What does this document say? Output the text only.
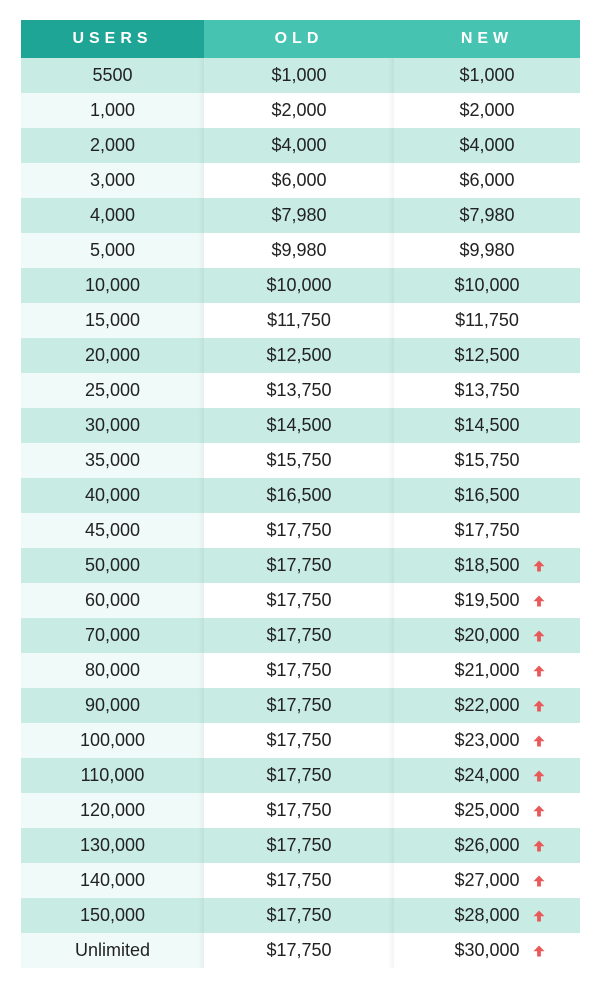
USERS	OLD	NEW
5500	$1,000	$1,000
1,000	$2,000	$2,000
2,000	$4,000	$4,000
3,000	$6,000	$6,000
4,000	$7,980	$7,980
5,000	$9,980	$9,980
10,000	$10,000	$10,000
15,000	$11,750	$11,750
20,000	$12,500	$12,500
25,000	$13,750	$13,750
30,000	$14,500	$14,500
35,000	$15,750	$15,750
40,000	$16,500	$16,500
45,000	$17,750	$17,750
50,000	$17,750	$18,500

60,000	$17,750	$19,500

70,000	$17,750	$20,000

80,000	$17,750	$21,000

90,000	$17,750	$22,000

100,000	$17,750	$23,000

110,000	$17,750	$24,000

120,000	$17,750	$25,000

130,000	$17,750	$26,000

140,000	$17,750	$27,000

150,000	$17,750	$28,000

Unlimited	$17,750	$30,000
